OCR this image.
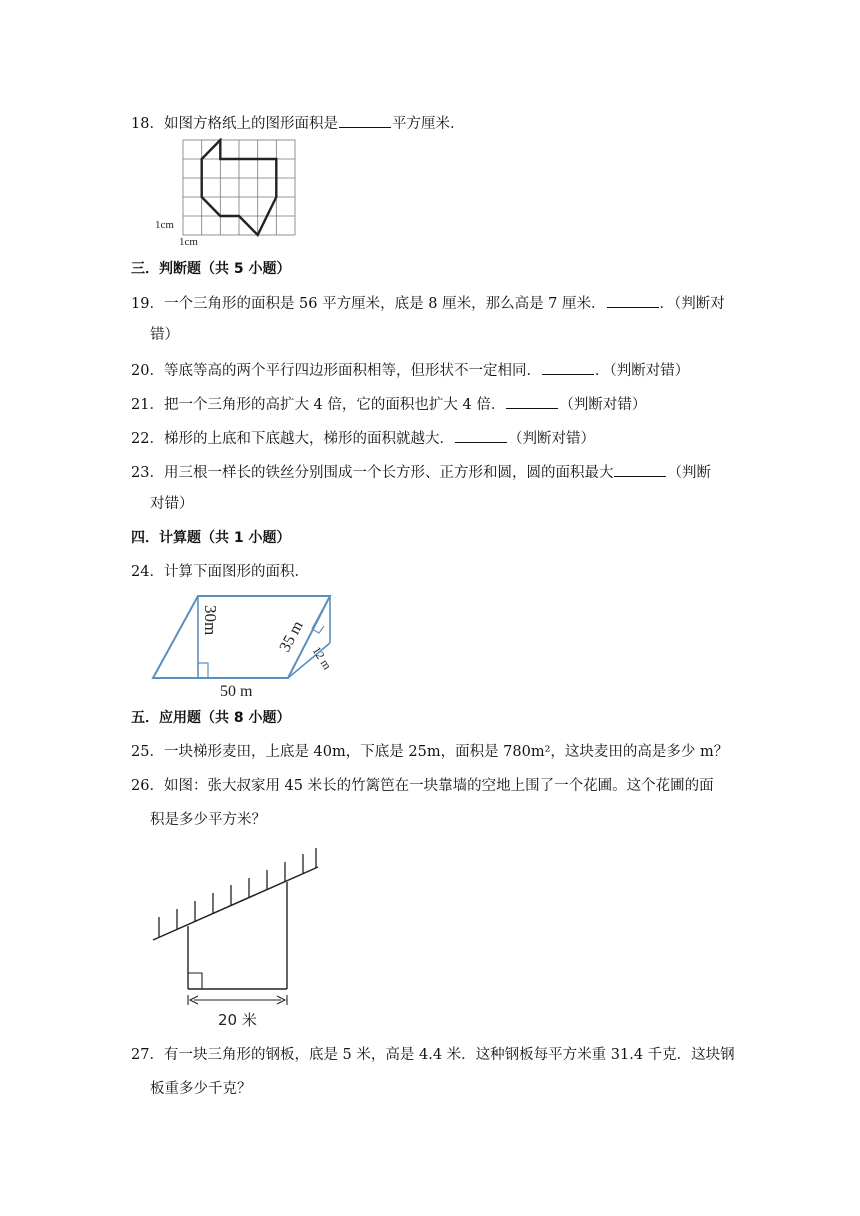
18．如图方格纸上的图形面积是	平方厘米．
1cm
1cm
三．判断题（共 5 小题）
19．一个三角形的面积是 56 平方厘米，底是 8 厘米，那么高是 7 厘米．	．（判断对
错）
20．等底等高的两个平行四边形面积相等，但形状不一定相同．	．（判断对错）
21．把一个三角形的高扩大 4 倍，它的面积也扩大 4 倍．	（判断对错）
22．梯形的上底和下底越大，梯形的面积就越大．	（判断对错）
23．用三根一样长的铁丝分别围成一个长方形、正方形和圆，圆的面积最大	（判断
对错）
四．计算题（共 1 小题）
24．计算下面图形的面积．
30m	35 m
12 m
50 m
五．应用题（共 8 小题）
25．一块梯形麦田，上底是 40m，下底是 25m，面积是 780m²，这块麦田的高是多少 m？
26．如图：张大叔家用 45 米长的竹篱笆在一块靠墙的空地上围了一个花圃。这个花圃的面
积是多少平方米？
20 米
27．有一块三角形的钢板，底是 5 米，高是 4.4 米．这种钢板每平方米重 31.4 千克．这块钢
板重多少千克？
